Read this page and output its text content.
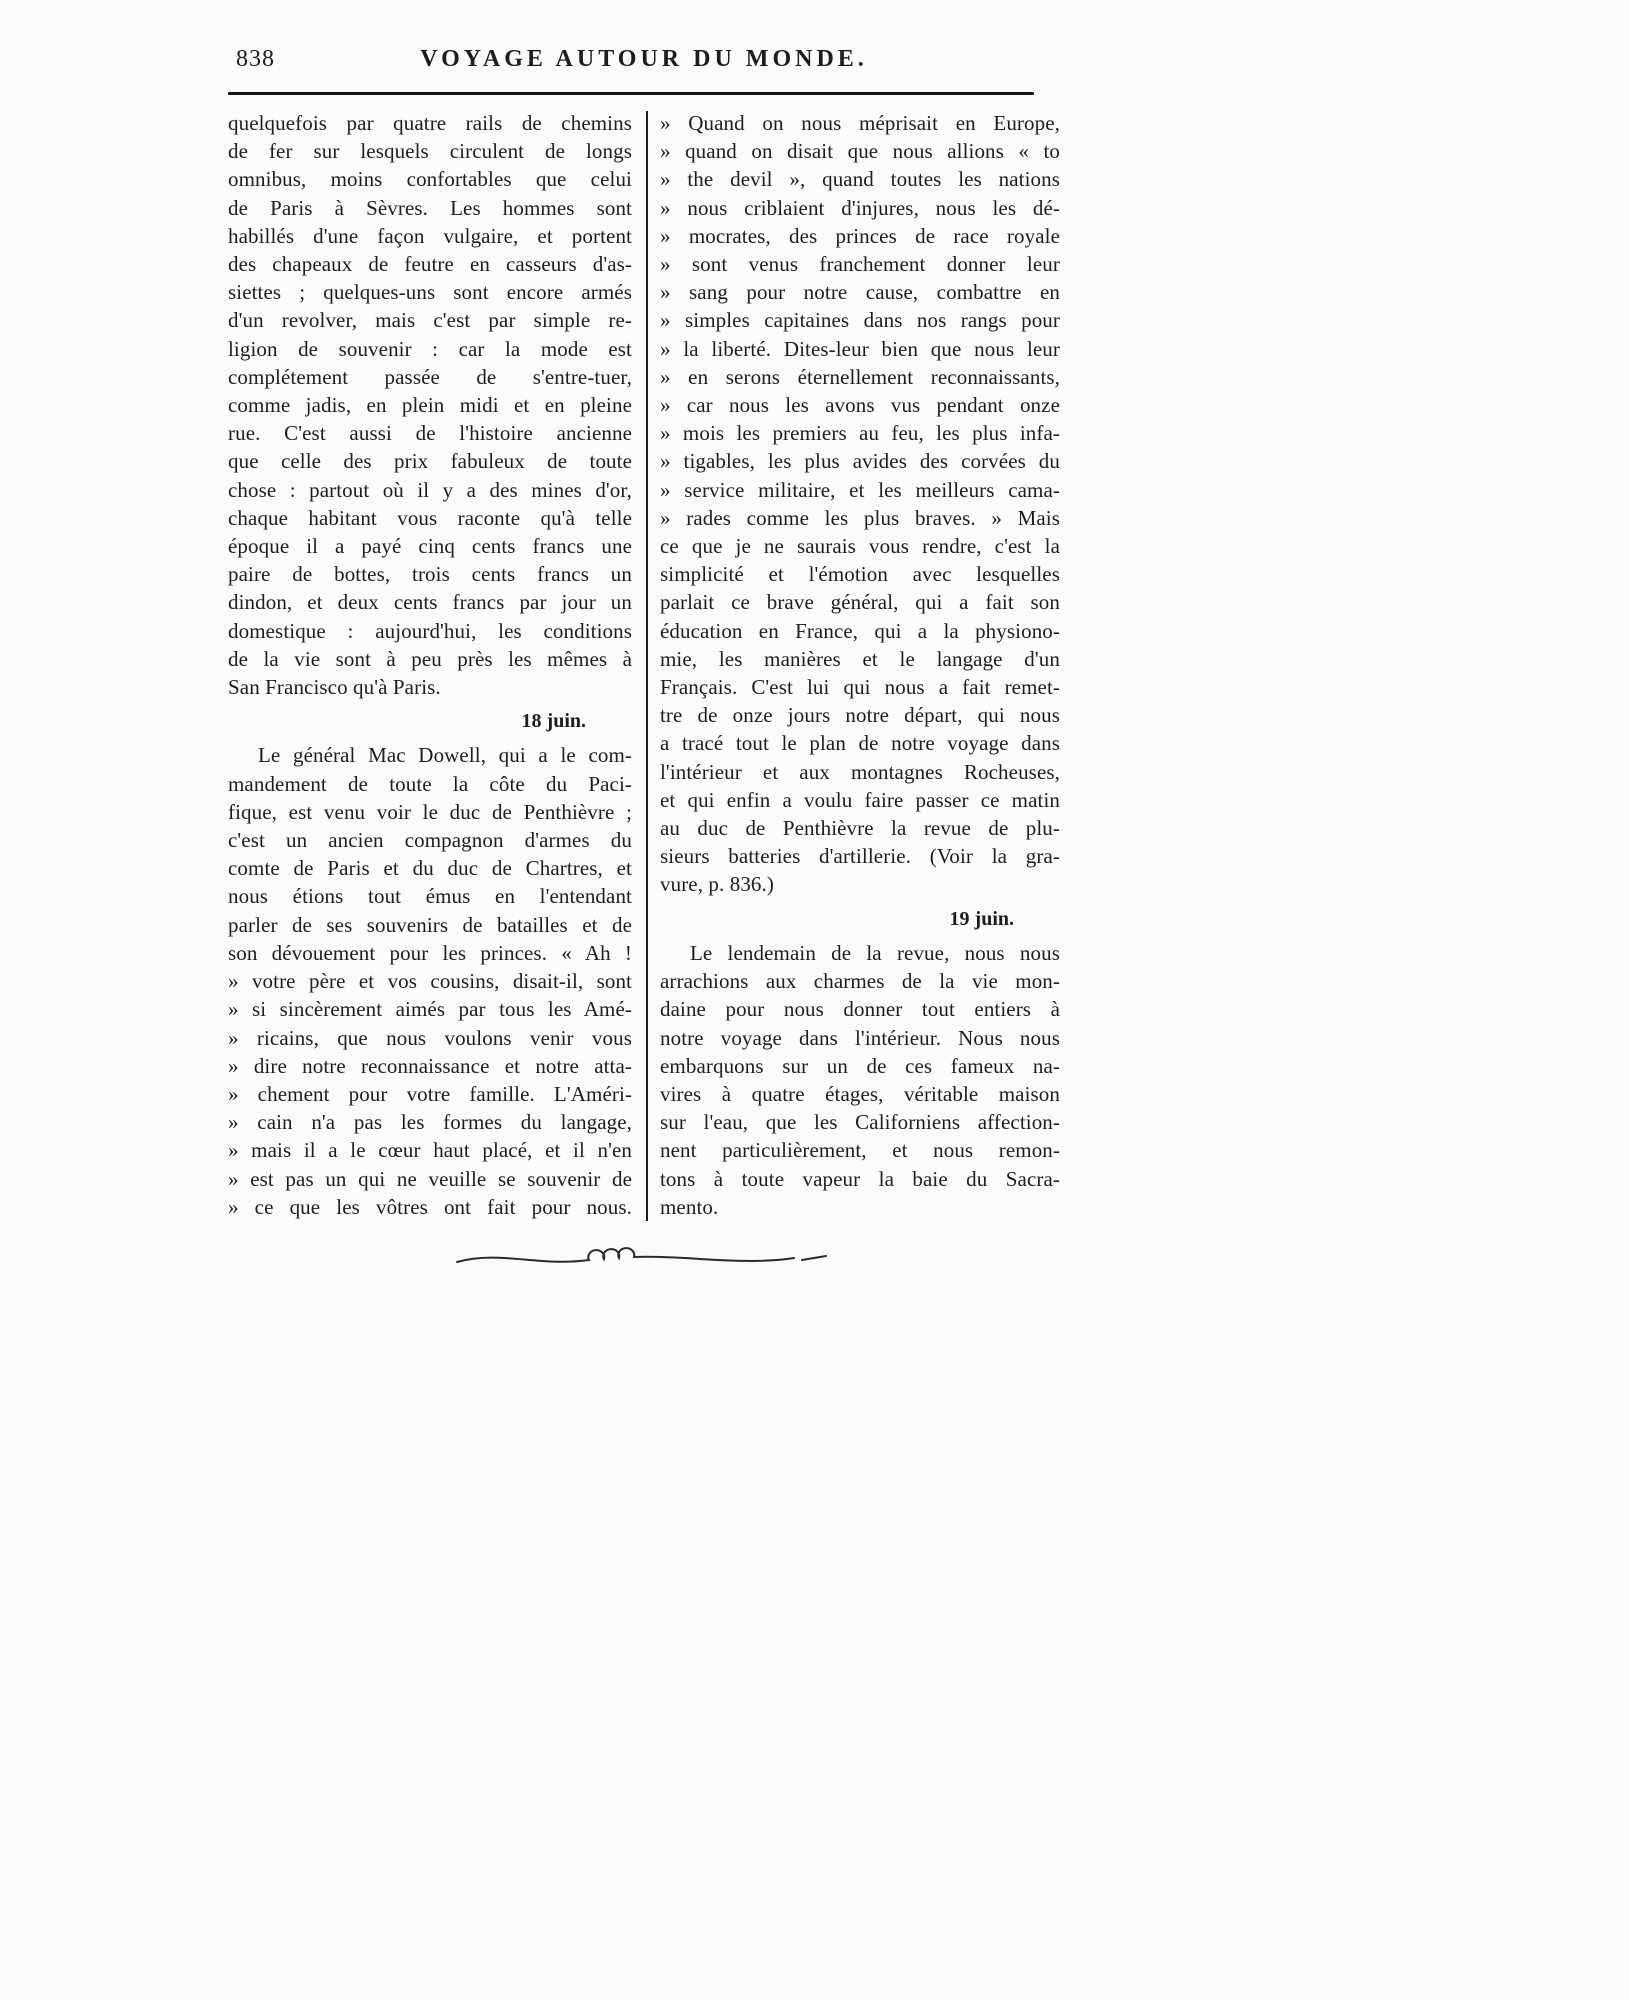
838	VOYAGE AUTOUR DU MONDE.
quelquefois par quatre rails de chemins
de fer sur lesquels circulent de longs
omnibus, moins confortables que celui
de Paris à Sèvres. Les hommes sont
habillés d'une façon vulgaire, et portent
des chapeaux de feutre en casseurs d'as-
siettes ; quelques-uns sont encore armés
d'un revolver, mais c'est par simple re-
ligion de souvenir : car la mode est
complétement passée de s'entre-tuer,
comme jadis, en plein midi et en pleine
rue. C'est aussi de l'histoire ancienne
que celle des prix fabuleux de toute
chose : partout où il y a des mines d'or,
chaque habitant vous raconte qu'à telle
époque il a payé cinq cents francs une
paire de bottes, trois cents francs un
dindon, et deux cents francs par jour un
domestique : aujourd'hui, les conditions
de la vie sont à peu près les mêmes à
San Francisco qu'à Paris.
18 juin.
Le général Mac Dowell, qui a le com-
mandement de toute la côte du Paci-
fique, est venu voir le duc de Penthièvre ;
c'est un ancien compagnon d'armes du
comte de Paris et du duc de Chartres, et
nous étions tout émus en l'entendant
parler de ses souvenirs de batailles et de
son dévouement pour les princes. « Ah !
» votre père et vos cousins, disait-il, sont
» si sincèrement aimés par tous les Amé-
» ricains, que nous voulons venir vous
» dire notre reconnaissance et notre atta-
» chement pour votre famille. L'Améri-
» cain n'a pas les formes du langage,
» mais il a le cœur haut placé, et il n'en
» est pas un qui ne veuille se souvenir de
» ce que les vôtres ont fait pour nous.
» Quand on nous méprisait en Europe,
» quand on disait que nous allions « to
» the devil », quand toutes les nations
» nous criblaient d'injures, nous les dé-
» mocrates, des princes de race royale
» sont venus franchement donner leur
» sang pour notre cause, combattre en
» simples capitaines dans nos rangs pour
» la liberté. Dites-leur bien que nous leur
» en serons éternellement reconnaissants,
» car nous les avons vus pendant onze
» mois les premiers au feu, les plus infa-
» tigables, les plus avides des corvées du
» service militaire, et les meilleurs cama-
» rades comme les plus braves. » Mais
ce que je ne saurais vous rendre, c'est la
simplicité et l'émotion avec lesquelles
parlait ce brave général, qui a fait son
éducation en France, qui a la physiono-
mie, les manières et le langage d'un
Français. C'est lui qui nous a fait remet-
tre de onze jours notre départ, qui nous
a tracé tout le plan de notre voyage dans
l'intérieur et aux montagnes Rocheuses,
et qui enfin a voulu faire passer ce matin
au duc de Penthièvre la revue de plu-
sieurs batteries d'artillerie. (Voir la gra-
vure, p. 836.)
19 juin.
Le lendemain de la revue, nous nous
arrachions aux charmes de la vie mon-
daine pour nous donner tout entiers à
notre voyage dans l'intérieur. Nous nous
embarquons sur un de ces fameux na-
vires à quatre étages, véritable maison
sur l'eau, que les Californiens affection-
nent particulièrement, et nous remon-
tons à toute vapeur la baie du Sacra-
mento.
